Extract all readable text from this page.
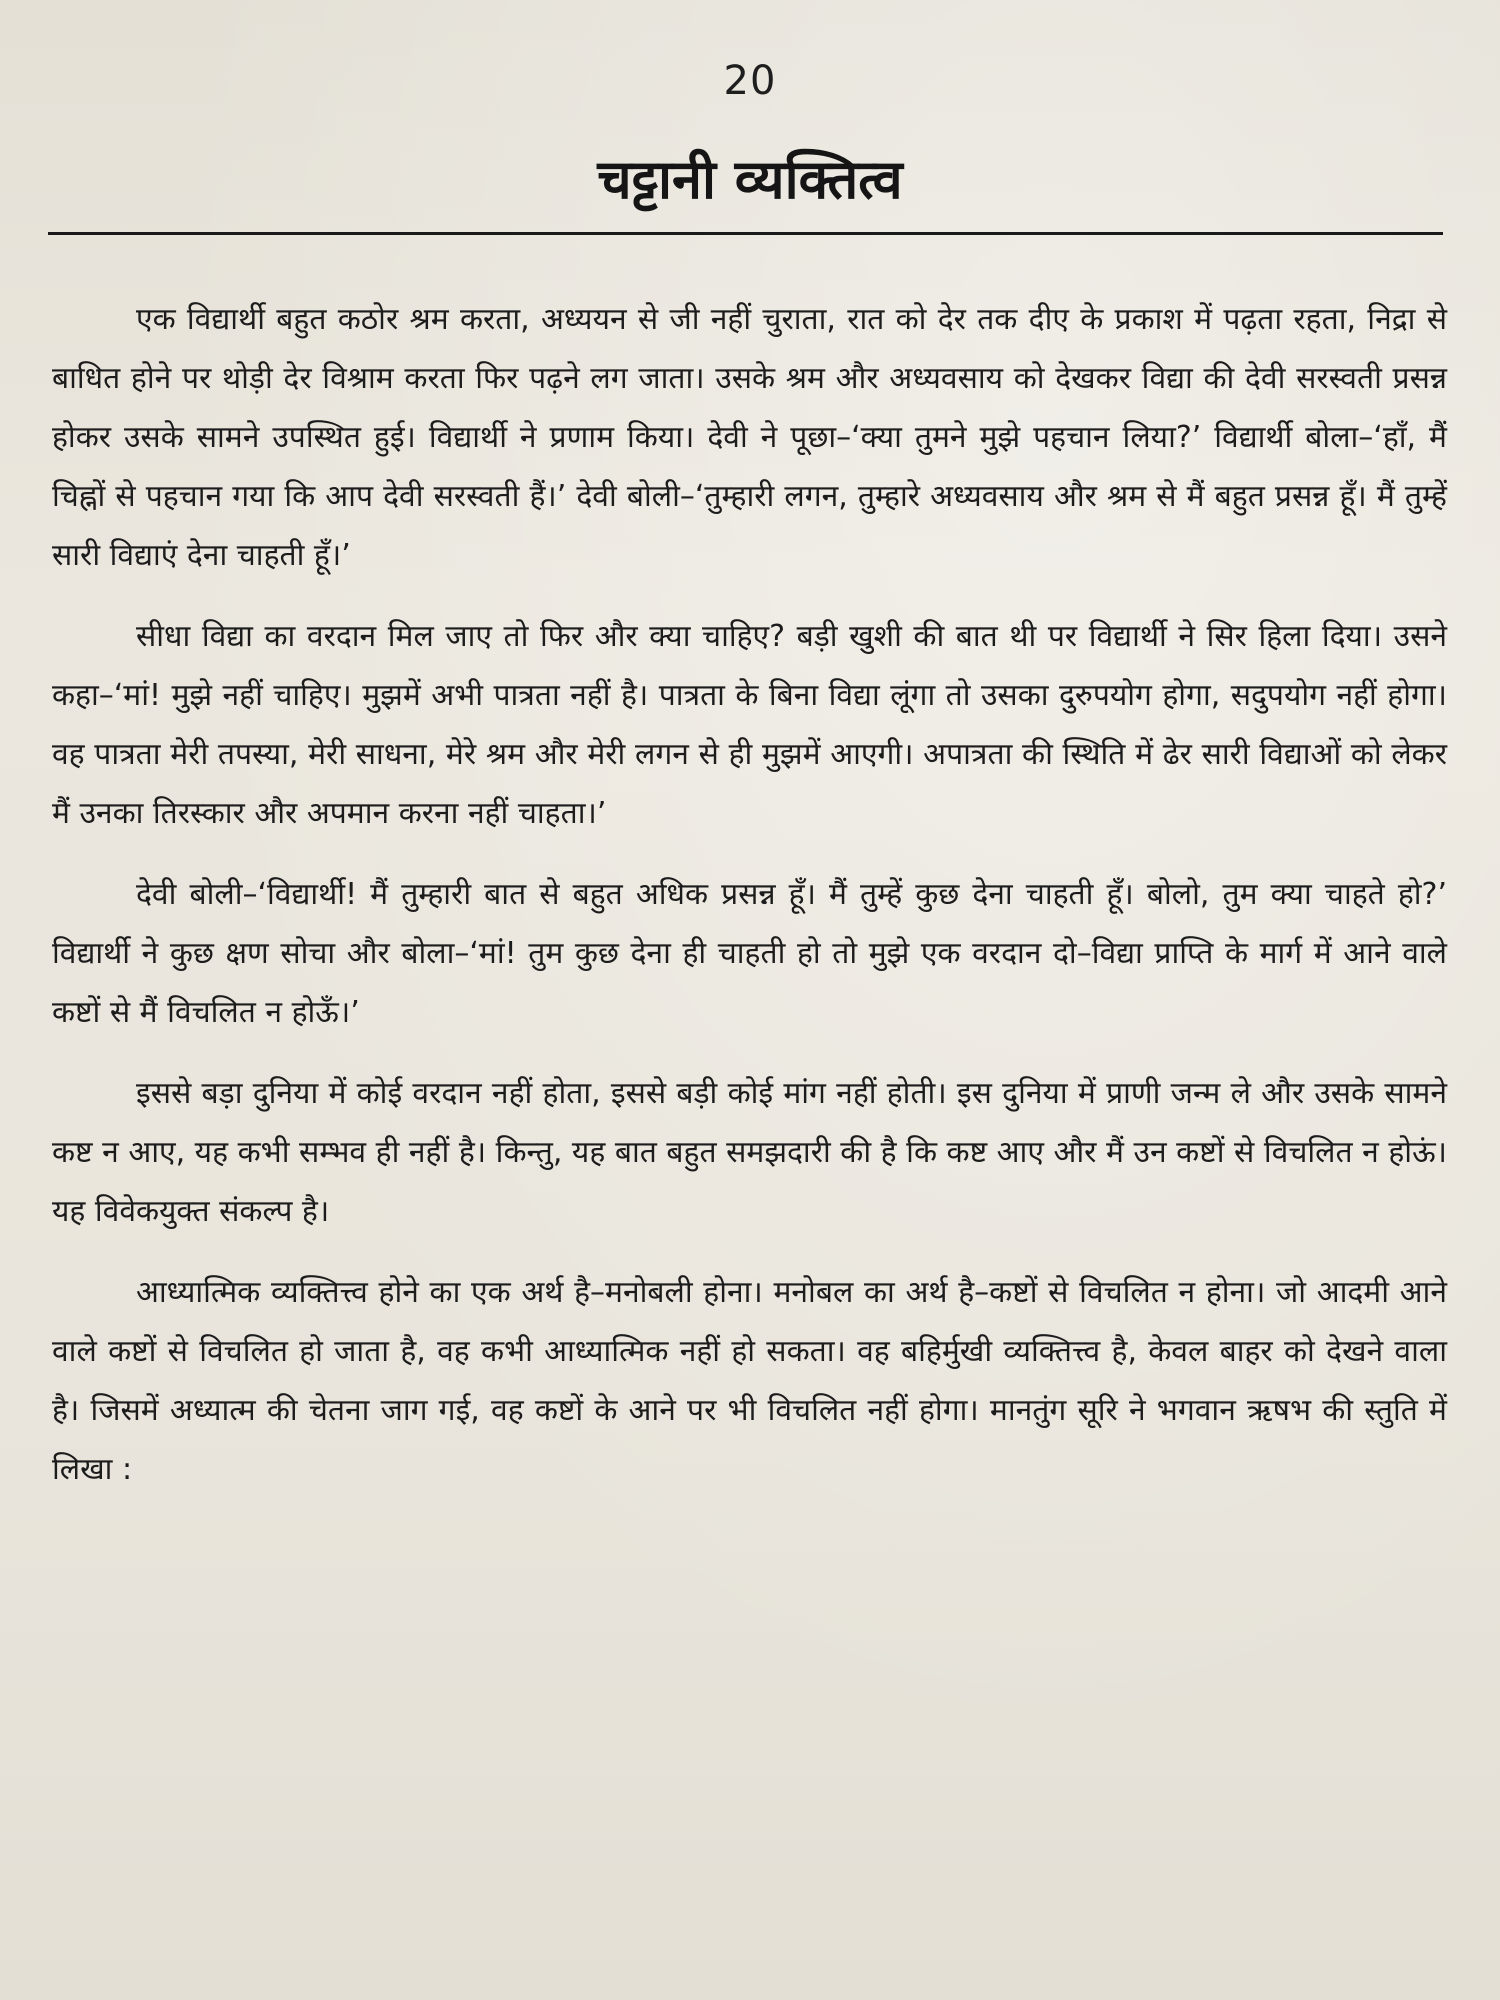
20
चट्टानी व्यक्तित्व

एक विद्यार्थी बहुत कठोर श्रम करता, अध्ययन से जी नहीं चुराता, रात को देर तक दीए के प्रकाश में पढ़ता रहता, निद्रा से बाधित होने पर थोड़ी देर विश्राम करता फिर पढ़ने लग जाता। उसके श्रम और अध्यवसाय को देखकर विद्या की देवी सरस्वती प्रसन्न होकर उसके सामने उपस्थित हुई। विद्यार्थी ने प्रणाम किया। देवी ने पूछा–‘क्या तुमने मुझे पहचान लिया?’ विद्यार्थी बोला–‘हाँ, मैं चिह्नों से पहचान गया कि आप देवी सरस्वती हैं।’ देवी बोली–‘तुम्हारी लगन, तुम्हारे अध्यवसाय और श्रम से मैं बहुत प्रसन्न हूँ। मैं तुम्हें सारी विद्याएं देना चाहती हूँ।’

सीधा विद्या का वरदान मिल जाए तो फिर और क्या चाहिए? बड़ी खुशी की बात थी पर विद्यार्थी ने सिर हिला दिया। उसने कहा–‘मां! मुझे नहीं चाहिए। मुझमें अभी पात्रता नहीं है। पात्रता के बिना विद्या लूंगा तो उसका दुरुपयोग होगा, सदुपयोग नहीं होगा। वह पात्रता मेरी तपस्या, मेरी साधना, मेरे श्रम और मेरी लगन से ही मुझमें आएगी। अपात्रता की स्थिति में ढेर सारी विद्याओं को लेकर मैं उनका तिरस्कार और अपमान करना नहीं चाहता।’

देवी बोली–‘विद्यार्थी! मैं तुम्हारी बात से बहुत अधिक प्रसन्न हूँ। मैं तुम्हें कुछ देना चाहती हूँ। बोलो, तुम क्या चाहते हो?’ विद्यार्थी ने कुछ क्षण सोचा और बोला–‘मां! तुम कुछ देना ही चाहती हो तो मुझे एक वरदान दो–विद्या प्राप्ति के मार्ग में आने वाले कष्टों से मैं विचलित न होऊँ।’

इससे बड़ा दुनिया में कोई वरदान नहीं होता, इससे बड़ी कोई मांग नहीं होती। इस दुनिया में प्राणी जन्म ले और उसके सामने कष्ट न आए, यह कभी सम्भव ही नहीं है। किन्तु, यह बात बहुत समझदारी की है कि कष्ट आए और मैं उन कष्टों से विचलित न होऊं। यह विवेकयुक्त संकल्प है।

आध्यात्मिक व्यक्तित्त्व होने का एक अर्थ है–मनोबली होना। मनोबल का अर्थ है–कष्टों से विचलित न होना। जो आदमी आने वाले कष्टों से विचलित हो जाता है, वह कभी आध्यात्मिक नहीं हो सकता। वह बहिर्मुखी व्यक्तित्त्व है, केवल बाहर को देखने वाला है। जिसमें अध्यात्म की चेतना जाग गई, वह कष्टों के आने पर भी विचलित नहीं होगा। मानतुंग सूरि ने भगवान ऋषभ की स्तुति में लिखा :
